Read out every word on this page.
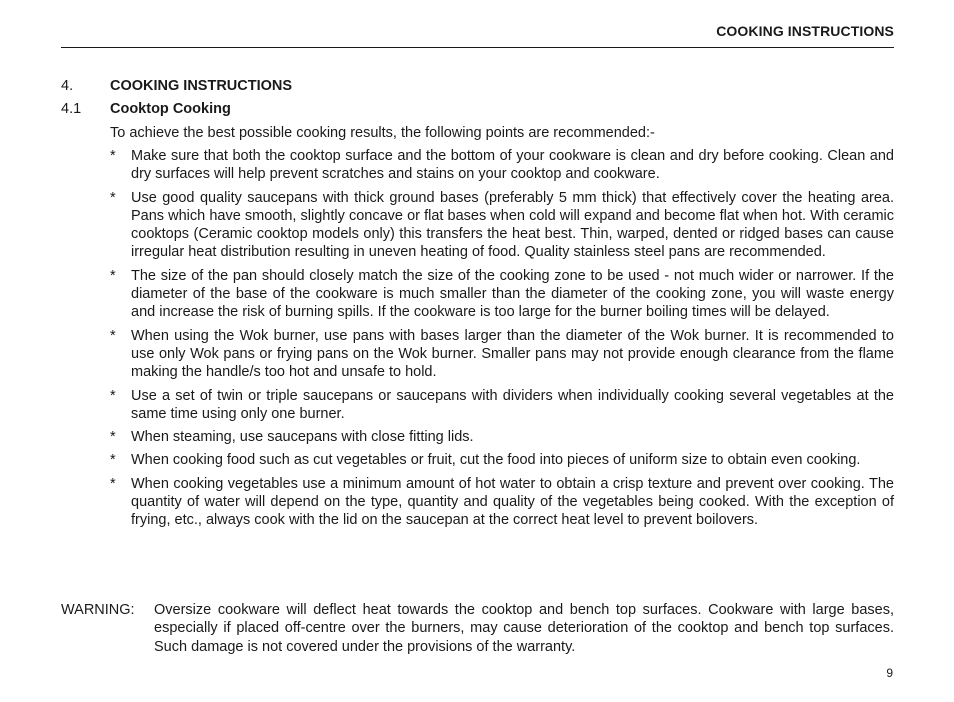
COOKING INSTRUCTIONS
4.	COOKING INSTRUCTIONS
4.1 Cooktop Cooking

To achieve the best possible cooking results, the following points are recommended:-

* Make sure that both the cooktop surface and the bottom of your cookware is clean and dry before cooking. Clean and dry surfaces will help prevent scratches and stains on your cooktop and cookware.
* Use good quality saucepans with thick ground bases (preferably 5 mm thick) that effectively cover the heating area. Pans which have smooth, slightly concave or flat bases when cold will expand and become flat when hot. With ceramic cooktops (Ceramic cooktop models only) this transfers the heat best. Thin, warped, dented or ridged bases can cause irregular heat distribution resulting in uneven heating of food. Quality stainless steel pans are recommended.
* The size of the pan should closely match the size of the cooking zone to be used - not much wider or narrower. If the diameter of the base of the cookware is much smaller than the diameter of the cooking zone, you will waste energy and increase the risk of burning spills. If the cookware is too large for the burner boiling times will be delayed.
* When using the Wok burner, use pans with bases larger than the diameter of the Wok burner. It is recommended to use only Wok pans or frying pans on the Wok burner. Smaller pans may not provide enough clearance from the flame making the handle/s too hot and unsafe to hold.
* Use a set of twin or triple saucepans or saucepans with dividers when individually cooking several vegetables at the same time using only one burner.
* When steaming, use saucepans with close fitting lids.
* When cooking food such as cut vegetables or fruit, cut the food into pieces of uniform size to obtain even cooking.
* When cooking vegetables use a minimum amount of hot water to obtain a crisp texture and prevent over cooking. The quantity of water will depend on the type, quantity and quality of the vegetables being cooked. With the exception of frying, etc., always cook with the lid on the saucepan at the correct heat level to prevent boilovers.
WARNING: Oversize cookware will deflect heat towards the cooktop and bench top surfaces. Cookware with large bases, especially if placed off-centre over the burners, may cause deterioration of the cooktop and bench top surfaces. Such damage is not covered under the provisions of the warranty.
9
